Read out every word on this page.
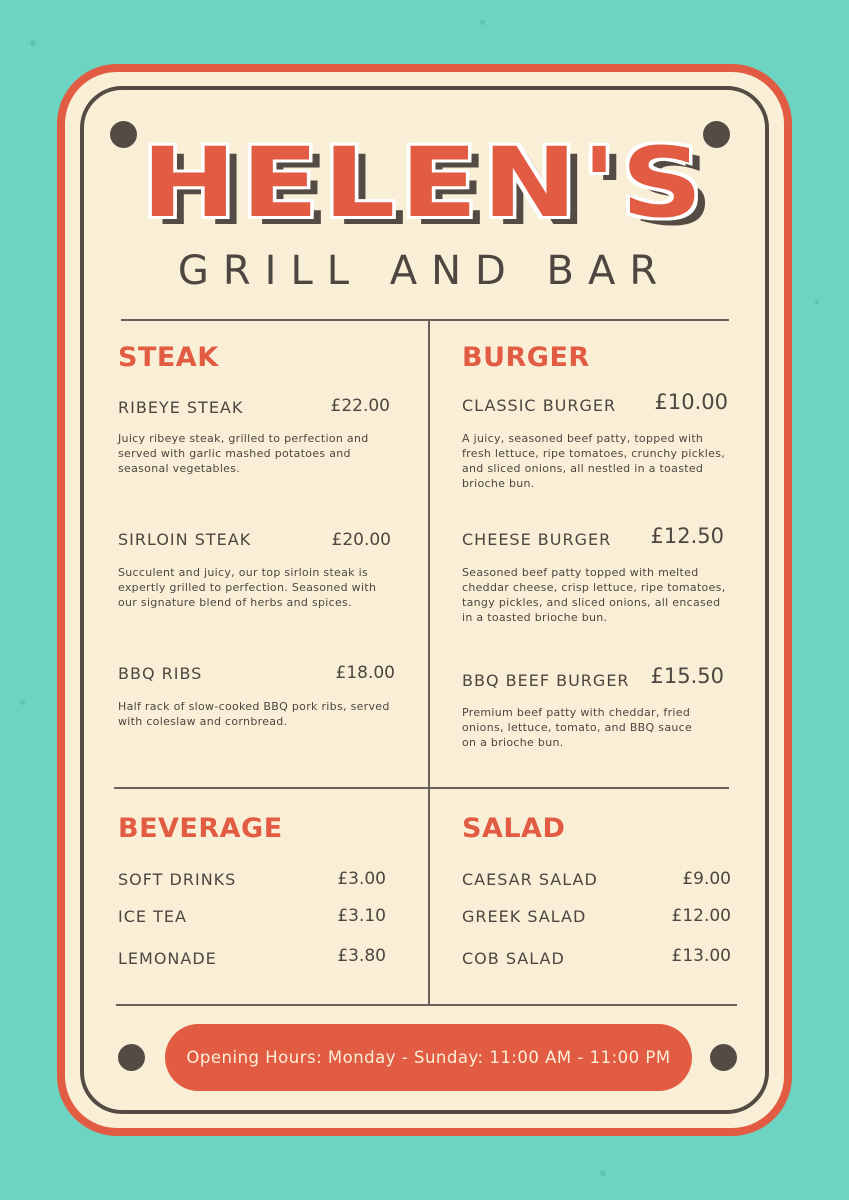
HELEN'S
GRILL AND BAR
STEAK
RIBEYE STEAK	£22.00
Juicy ribeye steak, grilled to perfection and served with garlic mashed potatoes and seasonal vegetables.
SIRLOIN STEAK	£20.00
Succulent and juicy, our top sirloin steak is expertly grilled to perfection. Seasoned with our signature blend of herbs and spices.
BBQ RIBS	£18.00
Half rack of slow-cooked BBQ pork ribs, served with coleslaw and cornbread.
BURGER
CLASSIC BURGER	£10.00
A juicy, seasoned beef patty, topped with fresh lettuce, ripe tomatoes, crunchy pickles, and sliced onions, all nestled in a toasted brioche bun.
CHEESE BURGER	£12.50
Seasoned beef patty topped with melted cheddar cheese, crisp lettuce, ripe tomatoes, tangy pickles, and sliced onions, all encased in a toasted brioche bun.
BBQ BEEF BURGER £15.50
Premium beef patty with cheddar, fried onions, lettuce, tomato, and BBQ sauce on a brioche bun.
BEVERAGE
SOFT DRINKS	£3.00
ICE TEA	£3.10
LEMONADE	£3.80
SALAD
CAESAR SALAD	£9.00
GREEK SALAD	£12.00
COB SALAD	£13.00
Opening Hours: Monday - Sunday: 11:00 AM - 11:00 PM
